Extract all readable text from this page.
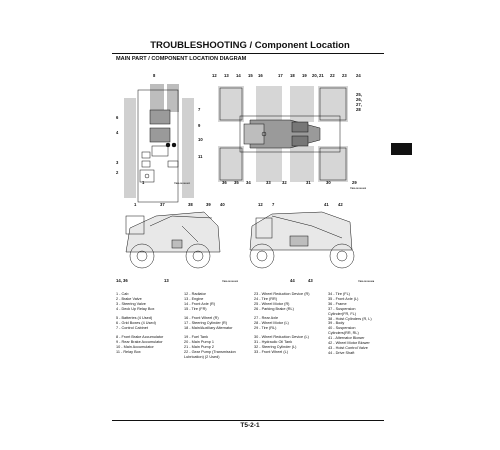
TROUBLESHOOTING / Component Location
MAIN PART / COMPONENT LOCATION DIAGRAM
8
7
6
9
4
10
11
3
2
1	T5K6-02-00-001
12 13 14 15 16	17 18 19 20, 21 22 23 24
25,
26,
27,
28
29
30
31
32
33
34
35
36
T5K6-02-00-002
1	37	38	39 40
14, 36	13	T5K6-02-00-003
12 7	41 42
44	43	T5K6-02-00-004
1 - Cab
2 - Brake Valve
3 - Steering Valve
4 - Deck Up Relay Box
5 - Batteries (4 Used)
6 - Grid Boxes (4 Used)
7 - Control Cabinet
8 - Front Brake Accumulator
9 - Rear Brake Accumulator
10 - Main Accumulator
11 - Relay Box
12 - Radiator
13 - Engine
14 - Front Axle (R)
15 - Tire (FR)
16 - Front Wheel (R)
17 - Steering Cylinder (R)
18 - Main/Auxiliary Alternator
19 - Fuel Tank
20 - Main Pump 1
21 - Main Pump 2
22 - Gear Pump (Transmission
Lubrication) (2 Used)
23 - Wheel Reduction Device (R)
24 - Tire (RR)
25 - Wheel Motor (R)
26 - Parking Brake (RL)
27 - Rear Axle
28 - Wheel Motor (L)
29 - Tire (RL)
30 - Wheel Reduction Device (L)
31 - Hydraulic Oil Tank
32 - Steering Cylinder (L)
33 - Front Wheel (L)
34 - Tire (FL)
35 - Front Axle (L)
36 - Frame
37 - Suspension
Cylinder(FR, FL)
38 - Hoist Cylinders (R, L)
39 - Body
40 - Suspension
Cylinders(RR, RL)
41 - Alternator Blower
42 - Wheel Motor Blower
43 - Hoist Control Valve
44 - Drive Shaft
T5-2-1
